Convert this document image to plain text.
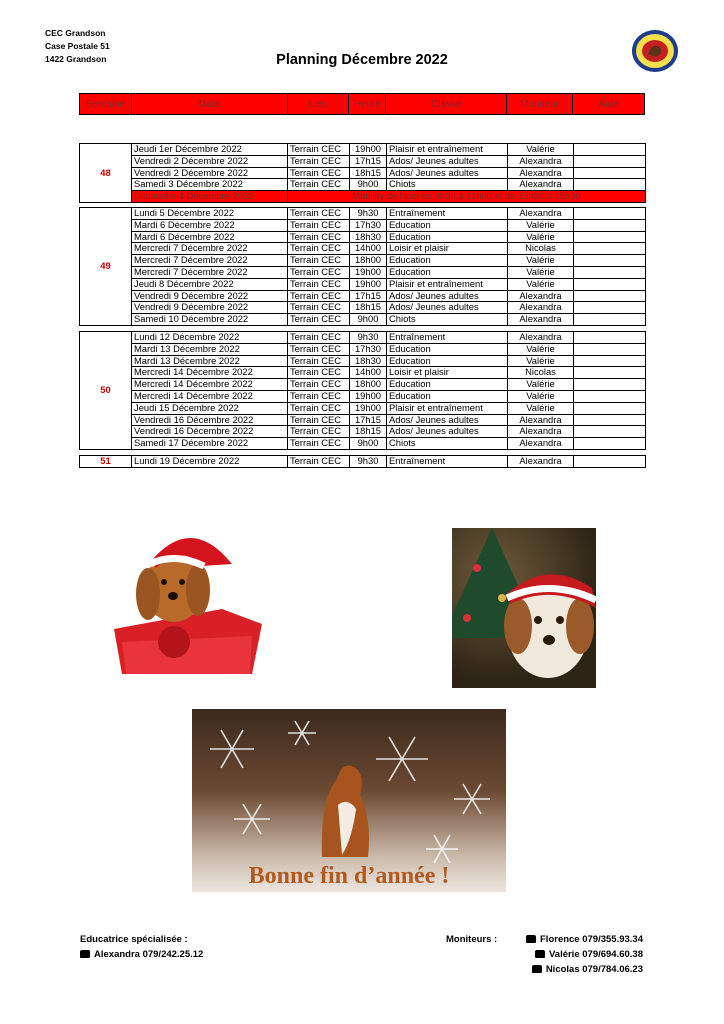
CEC Grandson
Case Postale 51
1422 Grandson	Planning Décembre 2022
Semaine	Date	Lieu	Heure	Classe	Moniteur	Aide
48	Jeudi 1er Décembre 2022	Terrain CEC	19h00	Plaisir et entraînement	Valérie	
	Vendredi 2 Décembre 2022	Terrain CEC	17h15	Ados/ Jeunes adultes	Alexandra	
	Vendredi 2 Décembre 2022	Terrain CEC	18h15	Ados/ Jeunes adultes	Alexandra	
	Samedi 3 Décembre 2022	Terrain CEC	9h00	Chiots	Alexandra	
	Dimanche 4 Décembre 2022	Mobility de Noël de 9h30 à 12h00 et de 13h30 à 15h30				
49	Lundi 5 Décembre 2022	Terrain CEC	9h30	Entraînement	Alexandra	
	Mardi 6 Décembre 2022	Terrain CEC	17h30	Education	Valérie	
	Mardi 6 Décembre 2022	Terrain CEC	18h30	Education	Valérie	
	Mercredi 7 Décembre 2022	Terrain CEC	14h00	Loisir et plaisir	Nicolas	
	Mercredi 7 Décembre 2022	Terrain CEC	18h00	Education	Valérie	
	Mercredi 7 Décembre 2022	Terrain CEC	19h00	Education	Valérie	
	Jeudi 8 Décembre 2022	Terrain CEC	19h00	Plaisir et entraînement	Valérie	
	Vendredi 9 Décembre 2022	Terrain CEC	17h15	Ados/ Jeunes adultes	Alexandra	
	Vendredi 9 Décembre 2022	Terrain CEC	18h15	Ados/ Jeunes adultes	Alexandra	
	Samedi 10 Décembre 2022	Terrain CEC	9h00	Chiots	Alexandra	
50	Lundi 12 Décembre 2022	Terrain CEC	9h30	Entraînement	Alexandra	
	Mardi 13 Décembre 2022	Terrain CEC	17h30	Education	Valérie	
	Mardi 13 Décembre 2022	Terrain CEC	18h30	Education	Valérie	
	Mercredi 14 Décembre 2022	Terrain CEC	14h00	Loisir et plaisir	Nicolas	
	Mercredi 14 Décembre 2022	Terrain CEC	18h00	Education	Valérie	
	Mercredi 14 Décembre 2022	Terrain CEC	19h00	Education	Valérie	
	Jeudi 15 Décembre 2022	Terrain CEC	19h00	Plaisir et entraînement	Valérie	
	Vendredi 16 Décembre 2022	Terrain CEC	17h15	Ados/ Jeunes adultes	Alexandra	
	Vendredi 16 Décembre 2022	Terrain CEC	18h15	Ados/ Jeunes adultes	Alexandra	
	Samedi 17 Décembre 2022	Terrain CEC	9h00	Chiots	Alexandra	
51	Lundi 19 Décembre 2022	Terrain CEC	9h30	Entraînement	Alexandra	
Bonne fin d’année !
Educatrice spécialisée :
Alexandra 079/242.25.12
Moniteurs :	Florence 079/355.93.34
Valérie 079/694.60.38
Nicolas 079/784.06.23
